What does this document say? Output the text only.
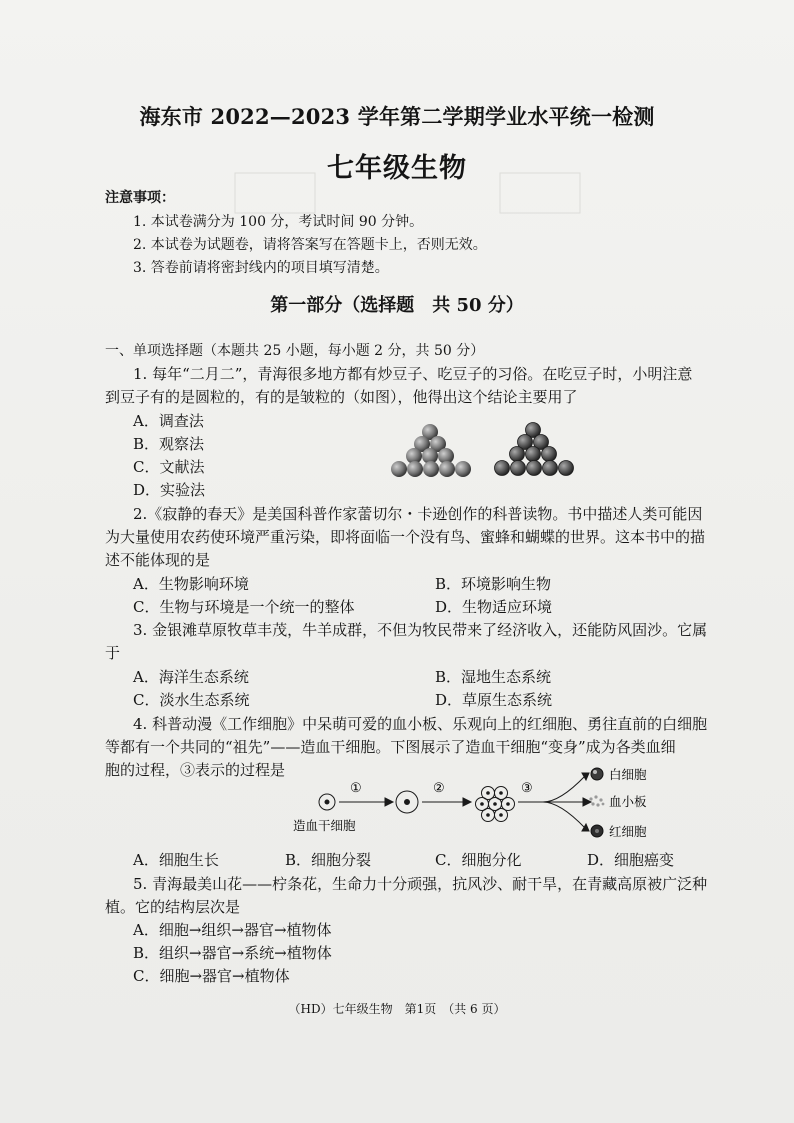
⠀
海东市 2022—2023 学年第二学期学业水平统一检测
七年级生物
注意事项：
1. 本试卷满分为 100 分，考试时间 90 分钟。
2. 本试卷为试题卷，请将答案写在答题卡上，否则无效。
3. 答卷前请将密封线内的项目填写清楚。
第一部分（选择题　共 50 分）
一、单项选择题（本题共 25 小题，每小题 2 分，共 50 分）
1. 每年“二月二”，青海很多地方都有炒豆子、吃豆子的习俗。在吃豆子时，小明注意
到豆子有的是圆粒的，有的是皱粒的（如图），他得出这个结论主要用了
A．调查法
B．观察法
C．文献法
D．实验法
2.《寂静的春天》是美国科普作家蕾切尔・卡逊创作的科普读物。书中描述人类可能因
为大量使用农药使环境严重污染，即将面临一个没有鸟、蜜蜂和蝴蝶的世界。这本书中的描
述不能体现的是
A．生物影响环境	B．环境影响生物
C．生物与环境是一个统一的整体	D．生物适应环境
3. 金银滩草原牧草丰茂，牛羊成群，不但为牧民带来了经济收入，还能防风固沙。它属
于
A．海洋生态系统	B．湿地生态系统
C．淡水生态系统	D．草原生态系统
4. 科普动漫《工作细胞》中呆萌可爱的血小板、乐观向上的红细胞、勇往直前的白细胞
等都有一个共同的“祖先”——造血干细胞。下图展示了造血干细胞“变身”成为各类血细
胞的过程，③表示的过程是
①	②	③
白细胞
血小板
红细胞
造血干细胞
A．细胞生长	B．细胞分裂	C．细胞分化	D．细胞癌变
5. 青海最美山花——柠条花，生命力十分顽强，抗风沙、耐干旱，在青藏高原被广泛种
植。它的结构层次是
A．细胞→组织→器官→植物体
B．组织→器官→系统→植物体
C．细胞→器官→植物体
（HD）七年级生物　第1页　（共 6 页）
